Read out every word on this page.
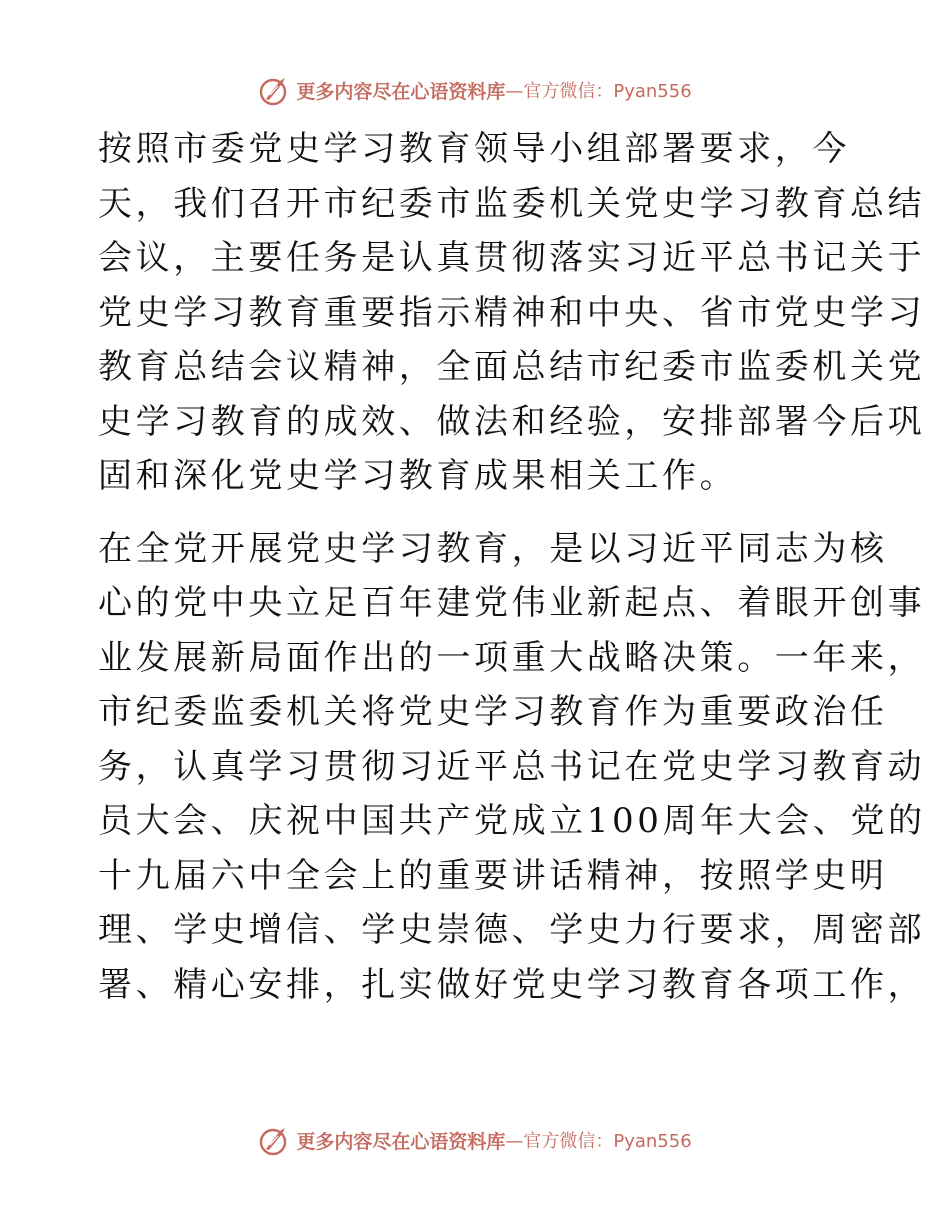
更多内容尽在心语资料库 —官方微信：Pyan556

按照市委党史学习教育领导小组部署要求，今
天，我们召开市纪委市监委机关党史学习教育总结
会议，主要任务是认真贯彻落实习近平总书记关于
党史学习教育重要指示精神和中央、省市党史学习
教育总结会议精神，全面总结市纪委市监委机关党
史学习教育的成效、做法和经验，安排部署今后巩
固和深化党史学习教育成果相关工作。

在全党开展党史学习教育，是以习近平同志为核
心的党中央立足百年建党伟业新起点、着眼开创事
业发展新局面作出的一项重大战略决策。一年来，
市纪委监委机关将党史学习教育作为重要政治任
务，认真学习贯彻习近平总书记在党史学习教育动
员大会、庆祝中国共产党成立100周年大会、党的
十九届六中全会上的重要讲话精神，按照学史明
理、学史增信、学史崇德、学史力行要求，周密部
署、精心安排，扎实做好党史学习教育各项工作，

更多内容尽在心语资料库 —官方微信：Pyan556
